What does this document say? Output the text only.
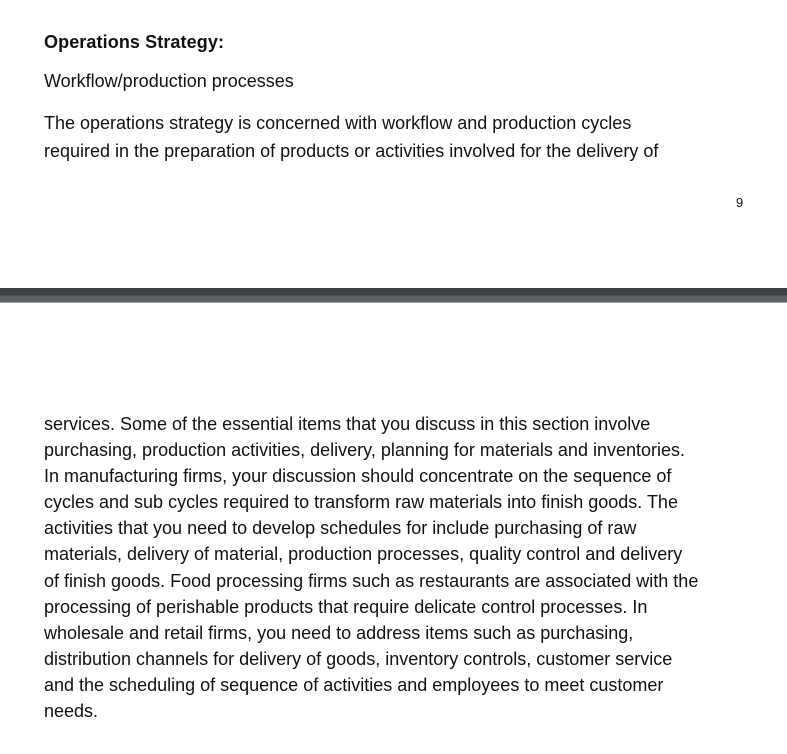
Operations Strategy:
Workflow/production processes
The operations strategy is concerned with workflow and production cycles
required in the preparation of products or activities involved for the delivery of
9
services. Some of the essential items that you discuss in this section involve
purchasing, production activities, delivery, planning for materials and inventories.
In manufacturing firms, your discussion should concentrate on the sequence of
cycles and sub cycles required to transform raw materials into finish goods. The
activities that you need to develop schedules for include purchasing of raw
materials, delivery of material, production processes, quality control and delivery
of finish goods. Food processing firms such as restaurants are associated with the
processing of perishable products that require delicate control processes. In
wholesale and retail firms, you need to address items such as purchasing,
distribution channels for delivery of goods, inventory controls, customer service
and the scheduling of sequence of activities and employees to meet customer
needs.
